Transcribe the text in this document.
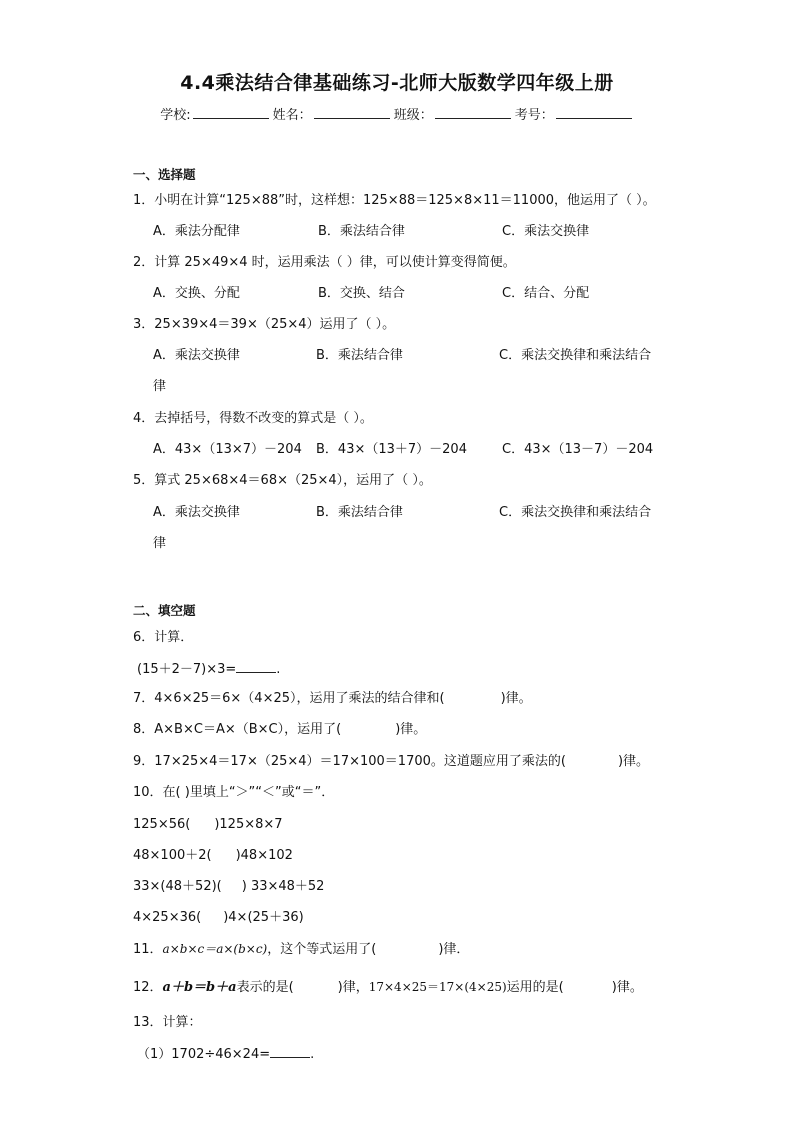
4.4乘法结合律基础练习-北师大版数学四年级上册
学校:	姓名：	班级：	考号：
一、选择题
1．小明在计算“125×88”时，这样想：125×88＝125×8×11＝11000，他运用了（ ）。
A．乘法分配律	B．乘法结合律	C．乘法交换律
2．计算 25×49×4 时，运用乘法（ ）律，可以使计算变得简便。
A．交换、分配	B．交换、结合	C．结合、分配
3．25×39×4＝39×（25×4）运用了（ ）。
A．乘法交换律	B．乘法结合律	C．乘法交换律和乘法结合
律
4．去掉括号，得数不改变的算式是（ ）。
A．43×（13×7）－204 B．43×（13＋7）－204	C．43×（13－7）－204
5．算式 25×68×4＝68×（25×4），运用了（ ）。
A．乘法交换律	B．乘法结合律	C．乘法交换律和乘法结合
律
二、填空题
6．计算．
(15＋2－7)×3=	.
7．4×6×25＝6×（4×25），运用了乘法的结合律和(	)律。
8．A×B×C＝A×（B×C），运用了(	)律。
9．17×25×4＝17×（25×4）＝17×100＝1700。这道题应用了乘法的(	)律。
10．在( )里填上“＞”“＜”或“＝”．
125×56( )125×8×7
48×100＋2( )48×102
33×(48＋52)( ) 33×48＋52
4×25×36( )4×(25＋36)
11．a×b×c＝a×(b×c)，这个等式运用了(	)律．
12．a＋b＝b＋a表示的是(	)律，17×4×25＝17×(4×25)运用的是(	)律。
13．计算：
（1）1702÷46×24=	.
